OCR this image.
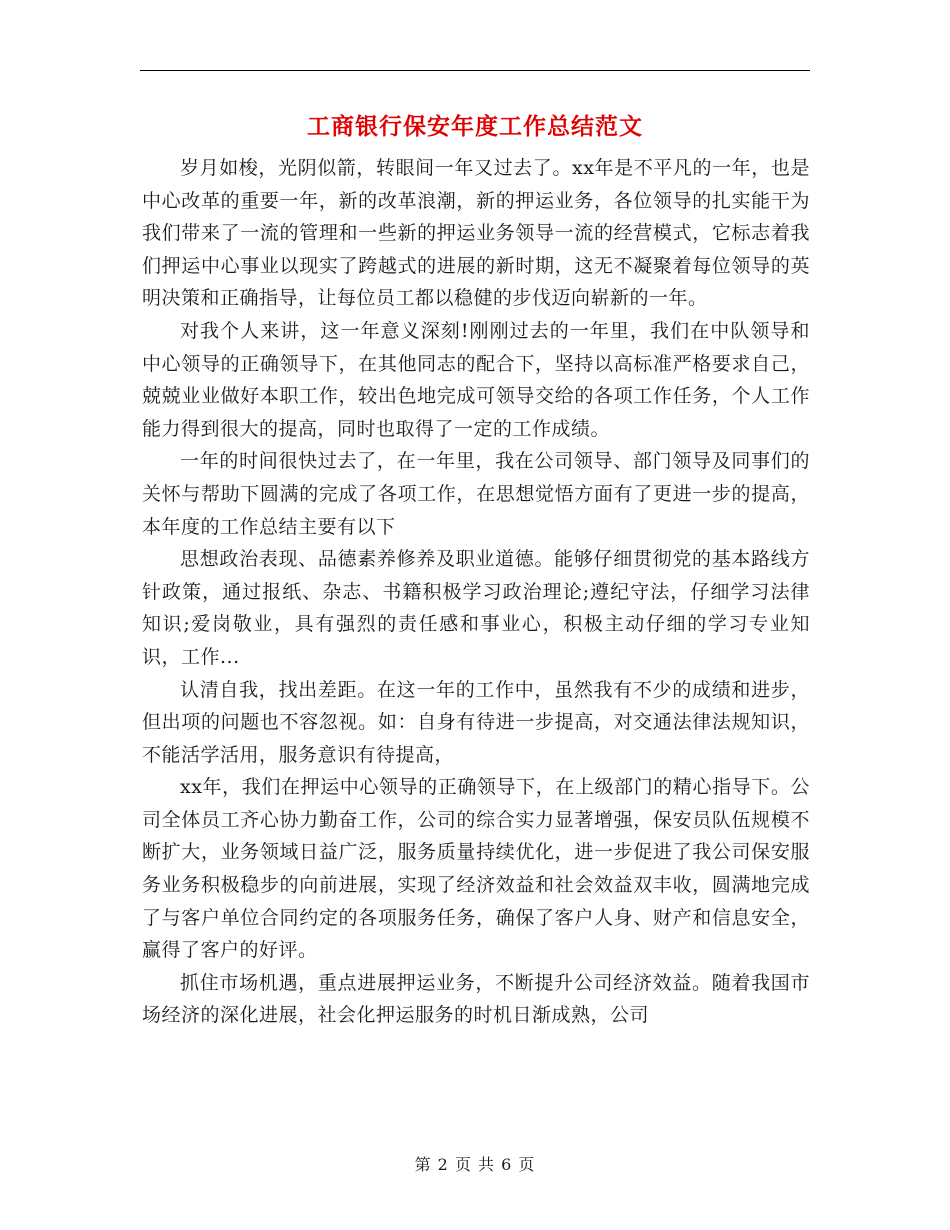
工商银行保安年度工作总结范文

岁月如梭，光阴似箭，转眼间一年又过去了。xx年是不平凡的一年，也是中心改革的重要一年，新的改革浪潮，新的押运业务，各位领导的扎实能干为我们带来了一流的管理和一些新的押运业务领导一流的经营模式，它标志着我们押运中心事业以现实了跨越式的进展的新时期，这无不凝聚着每位领导的英明决策和正确指导，让每位员工都以稳健的步伐迈向崭新的一年。

对我个人来讲，这一年意义深刻!刚刚过去的一年里，我们在中队领导和中心领导的正确领导下，在其他同志的配合下，坚持以高标准严格要求自己，兢兢业业做好本职工作，较出色地完成可领导交给的各项工作任务，个人工作能力得到很大的提高，同时也取得了一定的工作成绩。

一年的时间很快过去了，在一年里，我在公司领导、部门领导及同事们的关怀与帮助下圆满的完成了各项工作，在思想觉悟方面有了更进一步的提高，本年度的工作总结主要有以下

思想政治表现、品德素养修养及职业道德。能够仔细贯彻党的基本路线方针政策，通过报纸、杂志、书籍积极学习政治理论;遵纪守法，仔细学习法律知识;爱岗敬业，具有强烈的责任感和事业心，积极主动仔细的学习专业知识，工作...

认清自我，找出差距。在这一年的工作中，虽然我有不少的成绩和进步，但出项的问题也不容忽视。如：自身有待进一步提高，对交通法律法规知识，不能活学活用，服务意识有待提高，

xx年，我们在押运中心领导的正确领导下，在上级部门的精心指导下。公司全体员工齐心协力勤奋工作，公司的综合实力显著增强，保安员队伍规模不断扩大，业务领域日益广泛，服务质量持续优化，进一步促进了我公司保安服务业务积极稳步的向前进展，实现了经济效益和社会效益双丰收，圆满地完成了与客户单位合同约定的各项服务任务，确保了客户人身、财产和信息安全，赢得了客户的好评。

抓住市场机遇，重点进展押运业务，不断提升公司经济效益。随着我国市场经济的深化进展，社会化押运服务的时机日渐成熟，公司

第 2 页 共 6 页
